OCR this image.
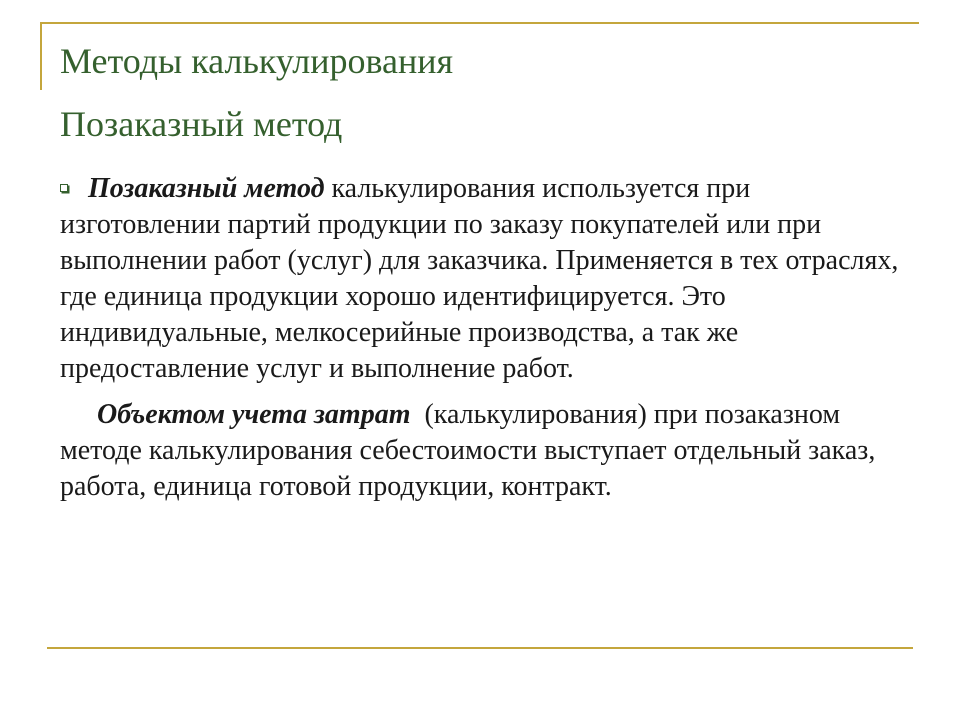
Методы калькулирования
Позаказный метод

Позаказный метод калькулирования используется при изготовлении партий продукции по заказу покупателей или при выполнении работ (услуг) для заказчика. Применяется в тех отраслях, где единица продукции хорошо идентифицируется. Это индивидуальные, мелкосерийные производства, а так же предоставление услуг и выполнение работ.

Объектом учета затрат  (калькулирования) при позаказном методе калькулирования себестоимости выступает отдельный заказ, работа, единица готовой продукции, контракт.
